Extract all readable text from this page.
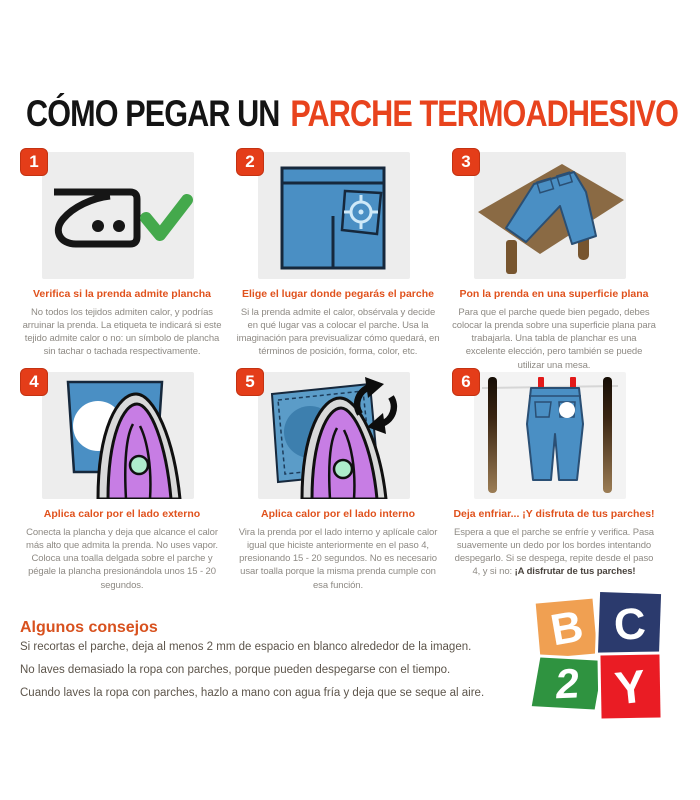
CÓMO PEGAR UN PARCHE TERMOADHESIVO
1
Verifica si la prenda admite plancha

No todos los tejidos admiten calor, y podrías arruinar la prenda. La etiqueta te indicará si este tejido admite calor o no: un símbolo de plancha sin tachar o tachada respectivamente.

2
Elige el lugar donde pegarás el parche

Si la prenda admite el calor, obsérvala y decide en qué lugar vas a colocar el parche. Usa la imaginación para previsualizar cómo quedará, en términos de posición, forma, color, etc.

3
Pon la prenda en una superficie plana

Para que el parche quede bien pegado, debes colocar la prenda sobre una superficie plana para trabajarla. Una tabla de planchar es una excelente elección, pero también se puede utilizar una mesa.

4
Aplica calor por el lado externo

Conecta la plancha y deja que alcance el calor más alto que admita la prenda. No uses vapor. Coloca una toalla delgada sobre el parche y pégale la plancha presionándola unos 15 - 20 segundos.

5
Aplica calor por el lado interno

Vira la prenda por el lado interno y aplícale calor igual que hiciste anteriormente en el paso 4, presionando 15 - 20 segundos. No es necesario usar toalla porque la misma prenda cumple con esa función.

6
Deja enfriar... ¡Y disfruta de tus parches!

Espera a que el parche se enfríe y verifica. Pasa suavemente un dedo por los bordes intentando despegarlo. Si se despega, repite desde el paso 4, y si no: ¡A disfrutar de tus parches!

Algunos consejos

Si recortas el parche, deja al menos 2 mm de espacio en blanco alrededor de la imagen.

No laves demasiado la ropa con parches, porque pueden despegarse con el tiempo.

Cuando laves la ropa con parches, hazlo a mano con agua fría y deja que se seque al aire.

B C
2 Y
